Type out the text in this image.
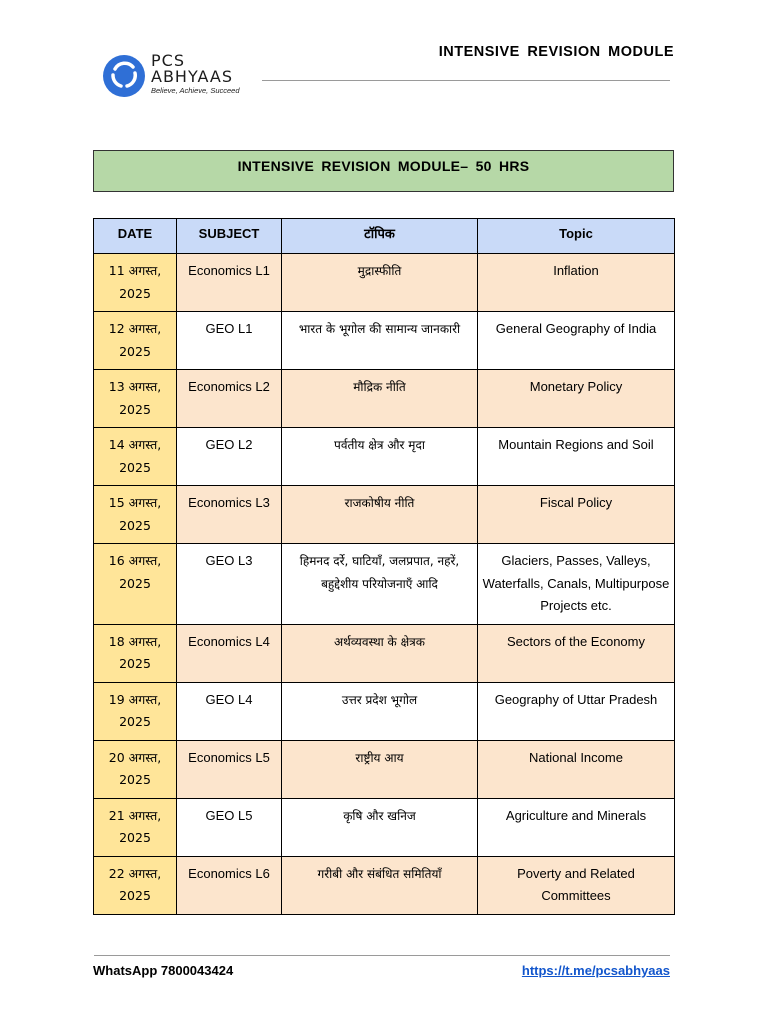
PCS
ABHYAAS
Believe, Achieve, Succeed
INTENSIVE REVISION MODULE
INTENSIVE REVISION MODULE– 50 HRS
DATE	SUBJECT	टॉपिक	Topic
11 अगस्त, 2025	Economics L1	मुद्रास्फीति	Inflation
12 अगस्त, 2025	GEO L1	भारत के भूगोल की सामान्य जानकारी	General Geography of India
13 अगस्त, 2025	Economics L2	मौद्रिक नीति	Monetary Policy
14 अगस्त, 2025	GEO L2	पर्वतीय क्षेत्र और मृदा	Mountain Regions and Soil
15 अगस्त, 2025	Economics L3	राजकोषीय नीति	Fiscal Policy
16 अगस्त, 2025	GEO L3	हिमनद दर्रे, घाटियाँ, जलप्रपात, नहरें, बहुद्देशीय परियोजनाएँ आदि	Glaciers, Passes, Valleys, Waterfalls, Canals, Multipurpose Projects etc.
18 अगस्त, 2025	Economics L4	अर्थव्यवस्था के क्षेत्रक	Sectors of the Economy
19 अगस्त, 2025	GEO L4	उत्तर प्रदेश भूगोल	Geography of Uttar Pradesh
20 अगस्त, 2025	Economics L5	राष्ट्रीय आय	National Income
21 अगस्त, 2025	GEO L5	कृषि और खनिज	Agriculture and Minerals
22 अगस्त, 2025	Economics L6	गरीबी और संबंधित समितियाँ	Poverty and Related Committees
WhatsApp 7800043424	https://t.me/pcsabhyaas
